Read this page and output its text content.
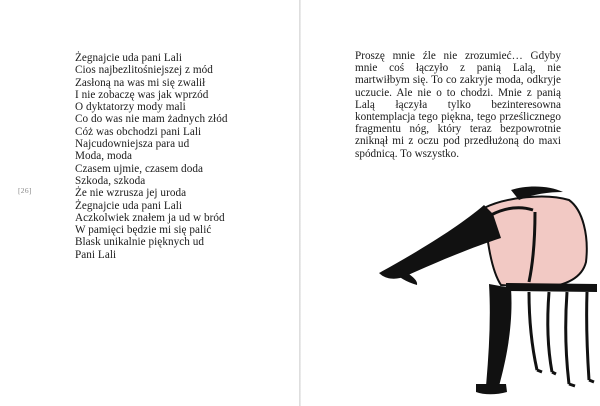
[26]
Żegnajcie uda pani Lali
Cios najbezlitośniejszej z mód
Zasłoną na was mi się zwalił
I nie zobaczę was jak wprzód
O dyktatorzy mody mali
Co do was nie mam żadnych złód
Cóż was obchodzi pani Lali
Najcudowniejsza para ud
Moda, moda
Czasem ujmie, czasem doda
Szkoda, szkoda
Że nie wzrusza jej uroda
Żegnajcie uda pani Lali
Aczkolwiek znałem ja ud w bród
W pamięci będzie mi się palić
Blask unikalnie pięknych ud
Pani Lali

Proszę mnie źle nie zrozumieć… Gdyby mnie coś łączyło z panią Lalą, nie martwiłbym się. To co zakryje moda, odkryje uczucie. Ale nie o to chodzi. Mnie z panią Lalą łączyła tylko bezinteresowna kontemplacja tego piękna, tego prześlicznego fragmentu nóg, który teraz bezpowrotnie zniknął mi z oczu pod przedłużoną do maxi spódnicą. To wszystko.
